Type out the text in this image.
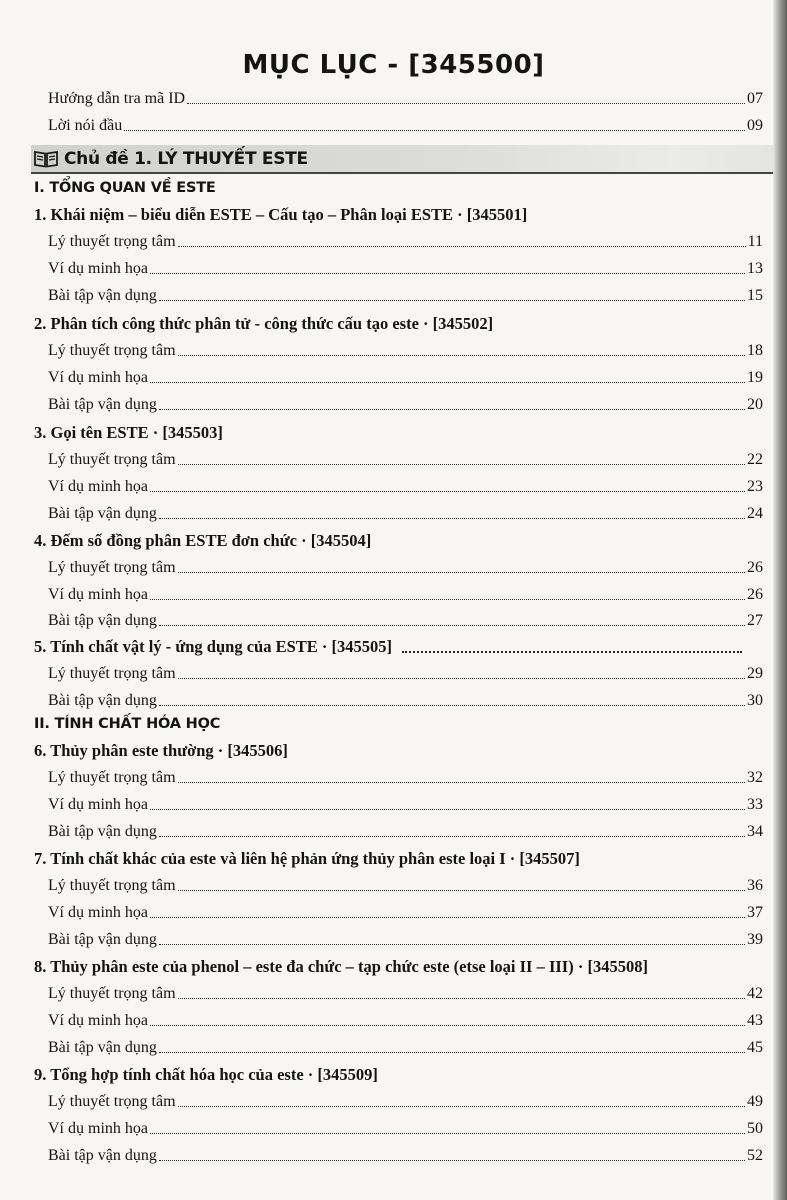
MỤC LỤC - [345500]
Hướng dẫn tra mã ID	07
Lời nói đầu	09
Chủ đề 1. LÝ THUYẾT ESTE
I. TỔNG QUAN VỀ ESTE
1. Khái niệm – biểu diễn ESTE – Cấu tạo – Phân loại ESTE · [345501]
Lý thuyết trọng tâm	11
Ví dụ minh họa	13
Bài tập vận dụng	15
2. Phân tích công thức phân tử - công thức cấu tạo este · [345502]
Lý thuyết trọng tâm	18
Ví dụ minh họa	19
Bài tập vận dụng	20
3. Gọi tên ESTE · [345503]
Lý thuyết trọng tâm	22
Ví dụ minh họa	23
Bài tập vận dụng	24
4. Đếm số đồng phân ESTE đơn chức · [345504]
Lý thuyết trọng tâm	26
Ví dụ minh họa	26
Bài tập vận dụng	27
5. Tính chất vật lý - ứng dụng của ESTE · [345505]
Lý thuyết trọng tâm	29
Bài tập vận dụng	30
II. TÍNH CHẤT HÓA HỌC
6. Thủy phân este thường · [345506]
Lý thuyết trọng tâm	32
Ví dụ minh họa	33
Bài tập vận dụng	34
7. Tính chất khác của este và liên hệ phản ứng thủy phân este loại I · [345507]
Lý thuyết trọng tâm	36
Ví dụ minh họa	37
Bài tập vận dụng	39
8. Thủy phân este của phenol – este đa chức – tạp chức este (etse loại II – III) · [345508]
Lý thuyết trọng tâm	42
Ví dụ minh họa	43
Bài tập vận dụng	45
9. Tổng hợp tính chất hóa học của este · [345509]
Lý thuyết trọng tâm	49
Ví dụ minh họa	50
Bài tập vận dụng	52
